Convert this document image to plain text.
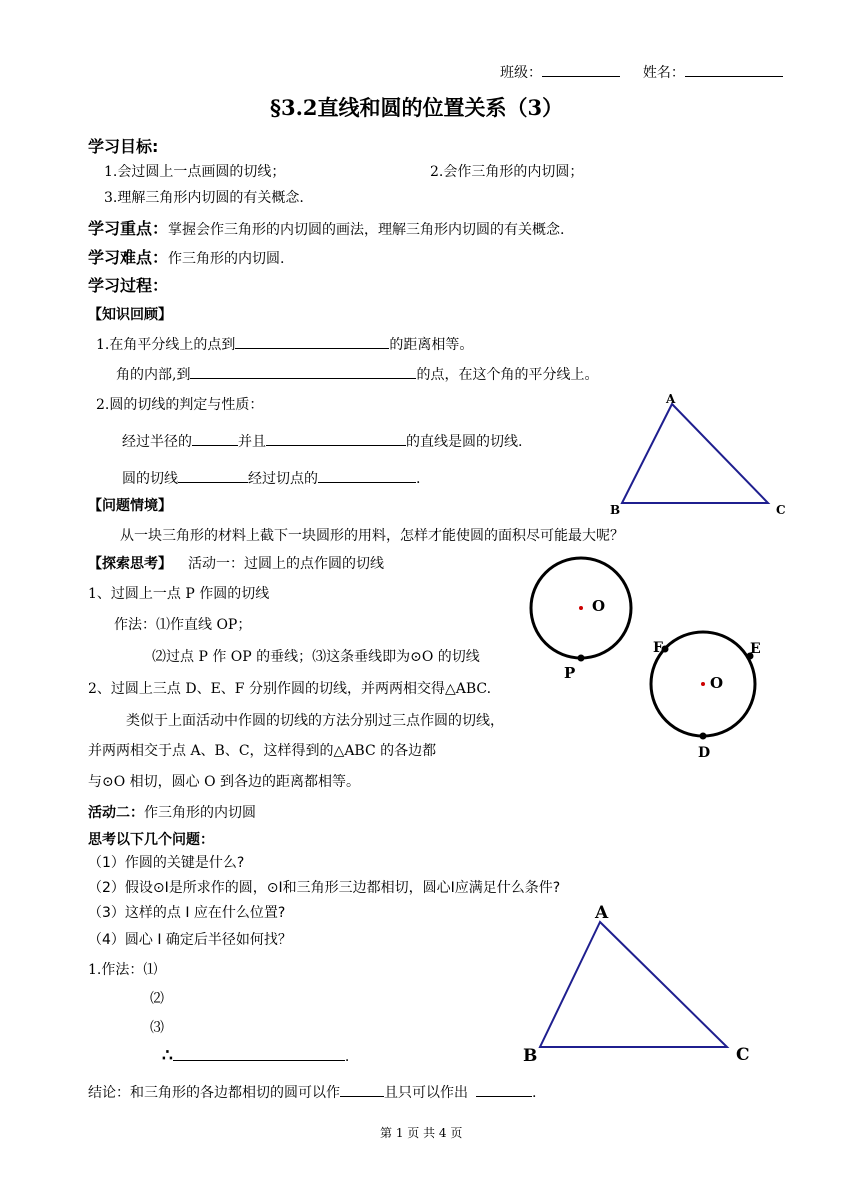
班级：	姓名：
§3.2直线和圆的位置关系（3）
学习目标:
1.会过圆上一点画圆的切线；	2.会作三角形的内切圆；
3.理解三角形内切圆的有关概念.
学习重点：掌握会作三角形的内切圆的画法，理解三角形内切圆的有关概念.
学习难点：作三角形的内切圆.
学习过程：
【知识回顾】
1.在角平分线上的点到	的距离相等。
角的内部,到	的点，在这个角的平分线上。
2.圆的切线的判定与性质：
经过半径的	并且	的直线是圆的切线.
圆的切线	经过切点的	.
A
B	C
【问题情境】
从一块三角形的材料上截下一块圆形的用料，怎样才能使圆的面积尽可能最大呢？
【探索思考】 活动一：过圆上的点作圆的切线
1、过圆上一点 P 作圆的切线
作法：⑴作直线 OP；
⑵过点 P 作 OP 的垂线；⑶这条垂线即为⊙O 的切线
2、过圆上三点 D、E、F 分别作圆的切线，并两两相交得△ABC.
类似于上面活动中作圆的切线的方法分别过三点作圆的切线，
并两两相交于点 A、B、C，这样得到的△ABC 的各边都
与⊙O 相切，圆心 O 到各边的距离都相等。
O
P
O
F	E
D
活动二：作三角形的内切圆
思考以下几个问题：
（1）作圆的关键是什么?
（2）假设⊙I是所求作的圆，⊙I和三角形三边都相切，圆心I应满足什么条件?
（3）这样的点 I 应在什么位置?
（4）圆心 I 确定后半径如何找？
1.作法：⑴
⑵
⑶
∴	.
A
B	C
结论：和三角形的各边都相切的圆可以作	且只可以作出	.
第 1 页 共 4 页
